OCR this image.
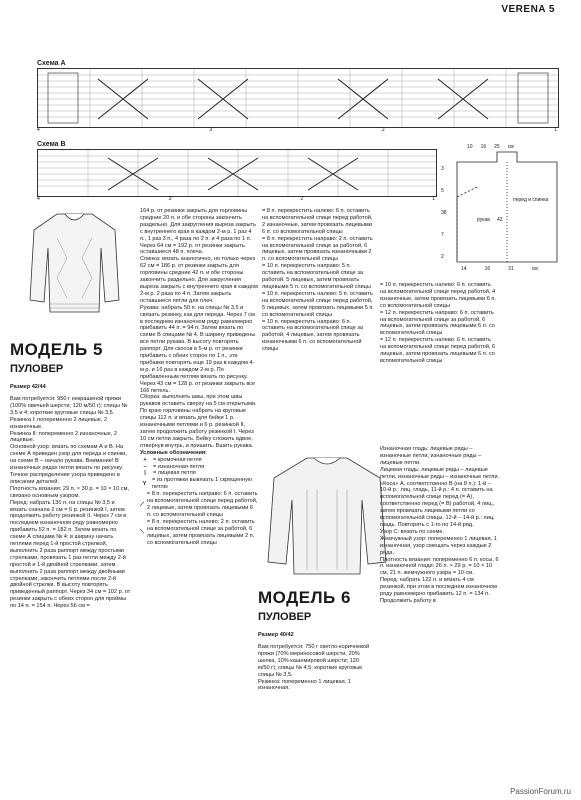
VERENA 5
Схема А
4	3	2	1
Схема В
4	3	2	1
10 16 25 см
3
5
38
7
2
перед и спинка
рукав 42
14	16	31	см
МОДЕЛЬ 5
ПУЛОВЕР
Размер 42/44

Вам потребуется: 950 г некрашеной пряжи (100% овечьей шерсти; 120 м/50 г); спицы № 3,5 и 4; короткие круговые спицы № 3,5.

Резинка I: попеременно 2 лицевые, 2 изнаночные.

Резинка II: попеременно 2 изнаночные, 2 лицевые.

Основной узор: вязать по схемам А и В. На схеме А приведен узор для переда и спинки, на схеме В – начало рукава. Внимание! В изнаночных рядах петли вязать по рисунку. Точное распределение узора приведено в описании деталей.

Плотность вязания: 29 п. × 30 р. = 10 × 10 см, связано основным узором.

Перед: набрать 130 п. на спицы № 3,5 и вязать сначала 2 см = 6 р. резинкой I, затем продолжить работу резинкой II. Через 7 см в последнем изнаночном ряду равномерно прибавить 52 п. = 182 п. Затем вязать по схеме А спицами № 4: в ширину начать петлями перед 1-й простой стрелкой, выполнить 2 раза раппорт между простыми стрелками, провязать 1 раз петли между 2-й простой и 1-й двойной стрелками, затем выполнить 2 раза раппорт между двойными стрелками, закончить петлями после 2-й двойной стрелки. В высоту повторять приведенный раппорт. Через 34 см = 102 р. от резинки закрыть с обеих сторон для проймы по 14 п. = 154 п. Через 56 см =

164 р. от резинки закрыть для горловины средние 20 п. и обе стороны закончить раздельно. Для закругления выреза закрыть с внутреннего края в каждом 2-м р. 1 раз 4 п., 1 раз 3 п., 4 раза по 2 п. и 4 раза по 1 п. Через 64 см = 192 р. от резинки закрыть оставшиеся 48 п. плеча.

Спинка: вязать аналогично, но только через 62 см = 186 р. от резинки закрыть для горловины средние 42 п. и обе стороны закончить раздельно. Для закругления выреза закрыть с внутреннего края в каждом 2-м р. 2 раза по 4 п. Затем закрыть оставшиеся петли для плеч.

Рукава: набрать 50 п. на спицы № 3,5 и связать резинку, как для переда. Через 7 см в последнем изнаночном ряду равномерно прибавить 44 п. = 94 п. Затем вязать по схеме В спицами № 4. В ширину приведены все петли рукава. В высоту повторять раппорт. Для скосов в 5-м р. от резинки прибавить с обеих сторон по 1 п., эти прибавки повторять еще 19 раз в каждом 4-м р. и 16 раз в каждом 2-м р. По прибавленным петлям вязать по рисунку. Через 43 см = 128 р. от резинки закрыть все 166 петель.

Сборка: выполнить швы, при этом швы рукавов оставить сверху на 5 см открытыми. По краю горловины набрать на круговые спицы 112 п. и вязать для бейки 1 р. изнаночными петлями и 6 р. резинкой II, затем продолжить работу резинкой I. Через 10 см петли закрыть. Бейку сложить вдвое, отвернув внутрь, и пришить. Вшить рукава.

Условные обозначения:

+	= кромочная петля
–	= изнаночная петля
|	= лицевая петля
Y
= из протяжки вывязать 1 скрещенную петлю
⟋
= 8 п. перекрестить направо: 6 п. оставить на вспомогательной спице перед работой, 2 лицевые, затем провязать лицевыми 6 п. со вспомогательной спицы
⟍
= 8 п. перекрестить налево: 2 п. оставить на вспомогательной спице за работой, 6 лицевых, затем провязать лицевыми 2 п. со вспомогательной спицы

= 8 п. перекрестить налево: 6 п. оставить на вспомогательной спице перед работой, 2 изнаночные, затем провязать лицевыми 6 п. со вспомогательной спицы

= 8 п. перекрестить направо: 2 п. оставить на вспомогательной спице за работой, 6 лицевых, затем провязать изнаночными 2 п. со вспомогательной спицы

= 10 п. перекрестить направо: 5 п. оставить на вспомогательной спице за работой, 5 лицевых, затем провязать лицевыми 5 п. со вспомогательной спицы

= 10 п. перекрестить налево: 5 п. оставить на вспомогательной спице перед работой, 5 лицевых, затем провязать лицевыми 5 п. со вспомогательной спицы

= 10 п. перекрестить направо: 6 п. оставить на вспомогательной спице за работой, 4 лицевые, затем провязать изнаночными 6 п. со вспомогательной спицы

= 10 п. перекрестить налево: 6 п. оставить на вспомогательной спице перед работой, 4 изнаночные, затем провязать лицевыми 6 п. со вспомогательной спицы

= 12 п. перекрестить направо: 6 п. оставить на вспомогательной спице за работой, 6 лицевых, затем провязать лицевыми 6 п. со вспомогательной спицы

= 12 п. перекрестить налево: 6 п. оставить на вспомогательной спице перед работой, 6 лицевых, затем провязать лицевыми 6 п. со вспомогательной спицы

МОДЕЛЬ 6
ПУЛОВЕР
Размер 40/42

Вам потребуется: 750 г светло-коричневой пряжи (70% мериносовой шерсти, 20% шелка, 10% кашемировой шерсти; 120 м/50 г); спицы № 4,5; короткие круговые спицы № 3,5.

Резинка: попеременно 1 лицевая, 1 изнаночная.

Изнаночная гладь: лицевые ряды – изнаночные петли, изнаночные ряды – лицевые петли.

Лицевая гладь: лицевые ряды – лицевые петли, изнаночные ряды – изнаночные петли.

«Коса» А, соответственно В (на 8 п.): 1-й – 10-й р.: лиц. гладь, 11-й р.: 4 п. оставить на вспомогательной спице перед (= А), соответственно перед (= В) работой, 4 лиц., затем провязать лицевыми петли со вспомогательной спицы. 12-й – 14-й р.: лиц. гладь. Повторять с 1-го по 14-й ряд.

Узор С: вязать по схеме.

Жемчужный узор: попеременно 1 лицевая, 1 изнаночная, узор смещать через каждые 2 ряда.

Плотность вязания: попеременно 6 п. косы, 6 п. изнаночной глади: 26 п. × 29 р. = 10 × 10 см, 21 п. жемчужного узора = 10 см.

Перед: набрать 122 п. и вязать 4 см резинкой, при этом в последнем изнаночном ряду равномерно прибавить 12 п. = 134 п. Продолжить работу в

PassionForum.ru
